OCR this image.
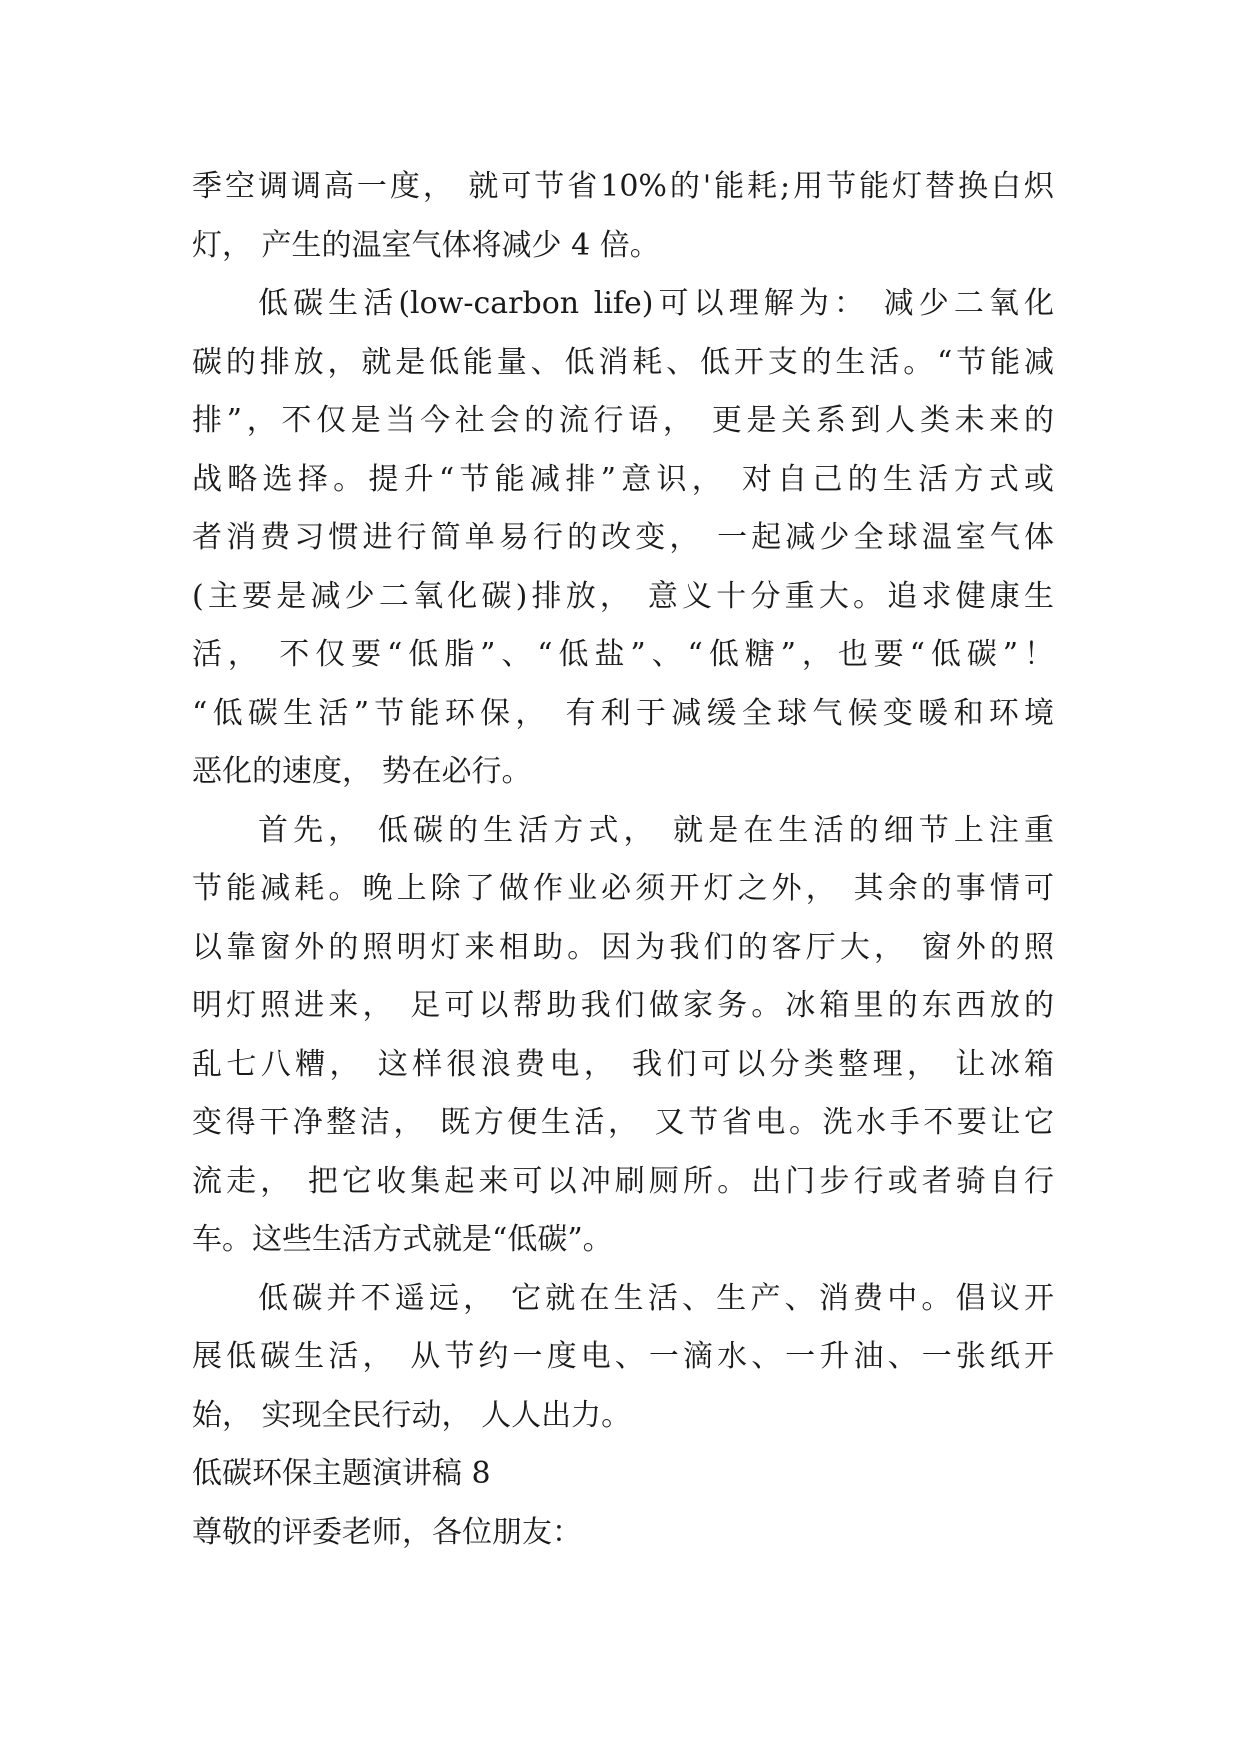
季空调调高一度， 就可节省10%的'能耗;用节能灯替换白炽
灯， 产生的温室气体将减少 4 倍。
低碳生活(low-carbon life)可以理解为： 减少二氧化
碳的排放，就是低能量、低消耗、低开支的生活。“节能减
排”，不仅是当今社会的流行语， 更是关系到人类未来的
战略选择。提升“节能减排”意识， 对自己的生活方式或
者消费习惯进行简单易行的改变， 一起减少全球温室气体
(主要是减少二氧化碳)排放， 意义十分重大。追求健康生
活， 不仅要“低脂”、“低盐”、“低糖”，也要“低碳”！
“低碳生活”节能环保， 有利于减缓全球气候变暖和环境
恶化的速度， 势在必行。
首先， 低碳的生活方式， 就是在生活的细节上注重
节能减耗。晚上除了做作业必须开灯之外， 其余的事情可
以靠窗外的照明灯来相助。因为我们的客厅大， 窗外的照
明灯照进来， 足可以帮助我们做家务。冰箱里的东西放的
乱七八糟， 这样很浪费电， 我们可以分类整理， 让冰箱
变得干净整洁， 既方便生活， 又节省电。洗水手不要让它
流走， 把它收集起来可以冲刷厕所。出门步行或者骑自行
车。这些生活方式就是“低碳”。
低碳并不遥远， 它就在生活、生产、消费中。倡议开
展低碳生活， 从节约一度电、一滴水、一升油、一张纸开
始， 实现全民行动， 人人出力。
低碳环保主题演讲稿 8
尊敬的评委老师，各位朋友：
